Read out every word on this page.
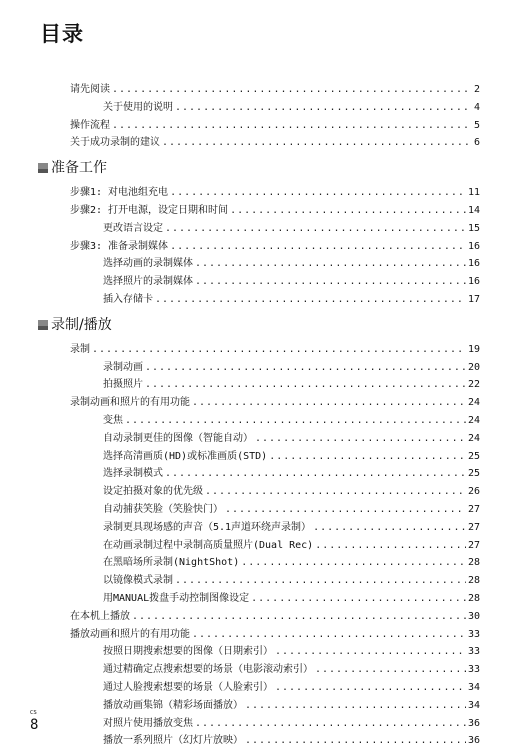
目录
请先阅读 .....	2
关于使用的说明 .....	4
操作流程 .....	5
关于成功录制的建议 .....	6
准备工作
步骤1: 对电池组充电 .....	11
步骤2: 打开电源，设定日期和时间 .....	14
更改语言设定 .....	15
步骤3: 准备录制媒体 .....	16
选择动画的录制媒体 .....	16
选择照片的录制媒体 .....	16
插入存储卡 .....	17
录制/播放
录制 .....	19
录制动画 .....	20
拍摄照片 .....	22
录制动画和照片的有用功能 .....	24
变焦 .....	24
自动录制更佳的图像（智能自动） .....	24
选择高清画质(HD)或标准画质(STD) .....	25
选择录制模式 .....	25
设定拍摄对象的优先级 .....	26
自动捕获笑脸（笑脸快门） .....	27
录制更具现场感的声音（5.1声道环绕声录制） .....	27
在动画录制过程中录制高质量照片(Dual Rec) .....	27
在黑暗场所录制(NightShot) .....	28
以镜像模式录制 .....	28
用MANUAL拨盘手动控制图像设定 .....	28
在本机上播放 .....	30
播放动画和照片的有用功能 .....	33
按照日期搜索想要的图像（日期索引） .....	33
通过精确定点搜索想要的场景（电影滚动索引） .....	33
通过人脸搜索想要的场景（人脸索引） .....	34
播放动画集锦（精彩场面播放） .....	34
对照片使用播放变焦 .....	36
播放一系列照片（幻灯片放映） .....	36
CS
8
